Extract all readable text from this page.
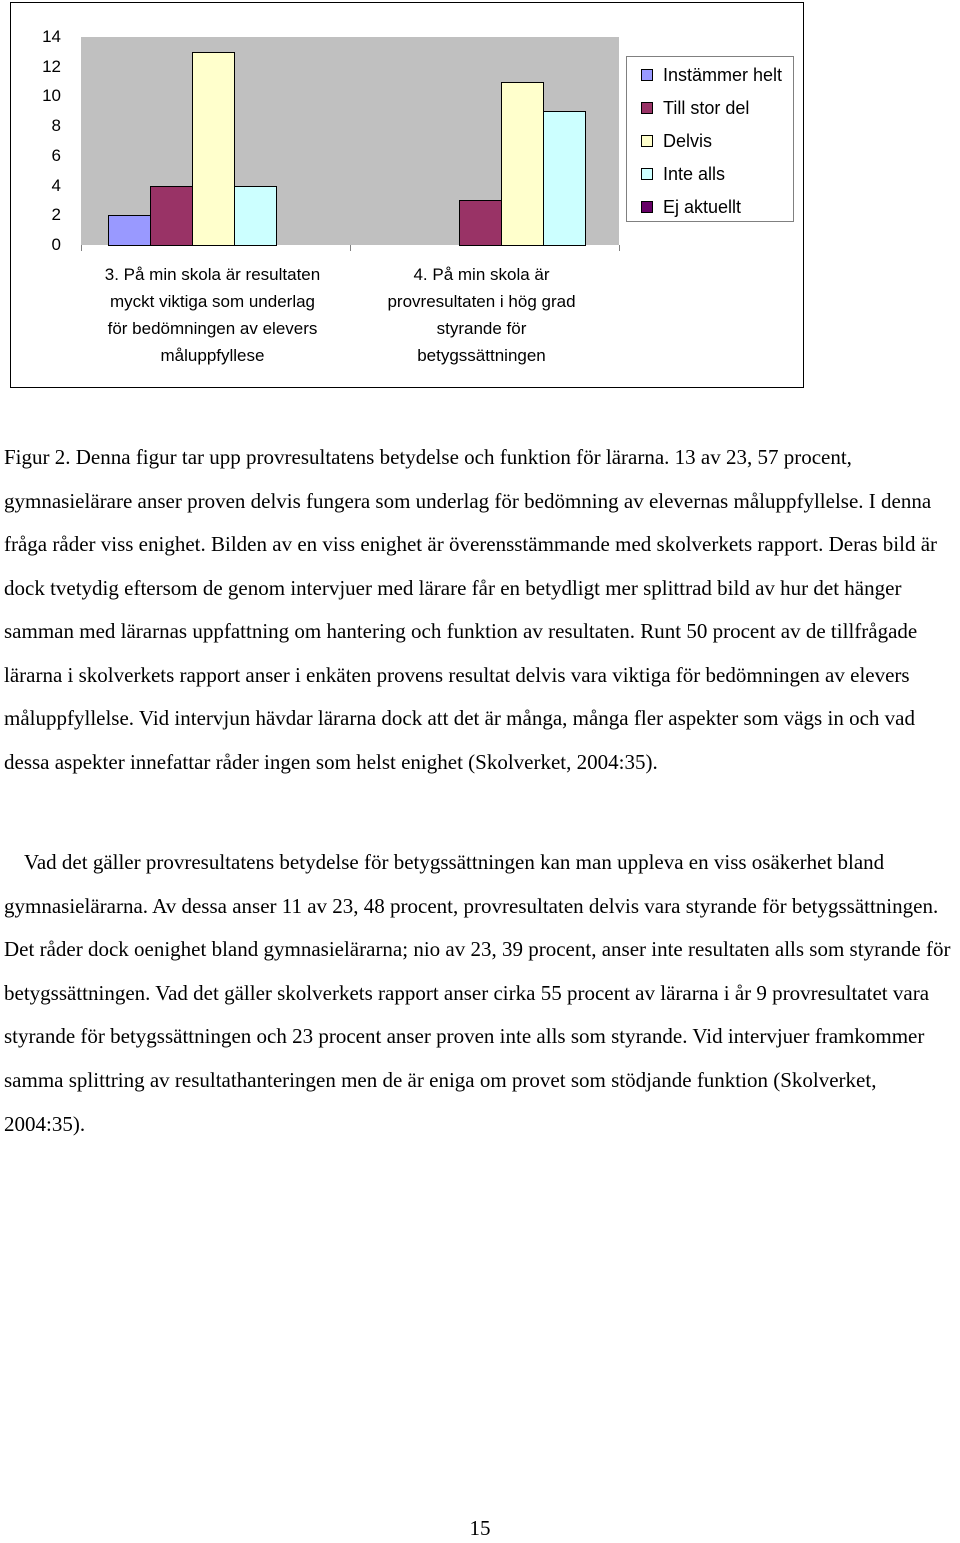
0
2
4
6
8
10
12
14
3. På min skola är resultaten
myckt viktiga som underlag
för bedömningen av elevers
måluppfyllese
4. På min skola är
provresultaten i hög grad
styrande för
betygssättningen
Instämmer helt
Till stor del
Delvis
Inte alls
Ej aktuellt
Figur 2. Denna figur tar upp provresultatens betydelse och funktion för lärarna. 13 av 23, 57 procent, gymnasielärare anser proven delvis fungera som underlag för bedömning av elevernas måluppfyllelse. I denna fråga råder viss enighet. Bilden av en viss enighet är överensstämmande med skolverkets rapport. Deras bild är dock tvetydig eftersom de genom intervjuer med lärare får en betydligt mer splittrad bild av hur det hänger samman med lärarnas uppfattning om hantering och funktion av resultaten. Runt 50 procent av de tillfrågade lärarna i skolverkets rapport anser i enkäten provens resultat delvis vara viktiga för bedömningen av elevers måluppfyllelse. Vid intervjun hävdar lärarna dock att det är många, många fler aspekter som vägs in och vad dessa aspekter innefattar råder ingen som helst enighet (Skolverket, 2004:35).
Vad det gäller provresultatens betydelse för betygssättningen kan man uppleva en viss osäkerhet bland gymnasielärarna. Av dessa anser 11 av 23, 48 procent, provresultaten delvis vara styrande för betygssättningen. Det råder dock oenighet bland gymnasielärarna; nio av 23, 39 procent, anser inte resultaten alls som styrande för betygssättningen. Vad det gäller skolverkets rapport anser cirka 55 procent av lärarna i år 9 provresultatet vara styrande för betygssättningen och 23 procent anser proven inte alls som styrande. Vid intervjuer framkommer samma splittring av resultathanteringen men de är eniga om provet som stödjande funktion (Skolverket, 2004:35).
15
